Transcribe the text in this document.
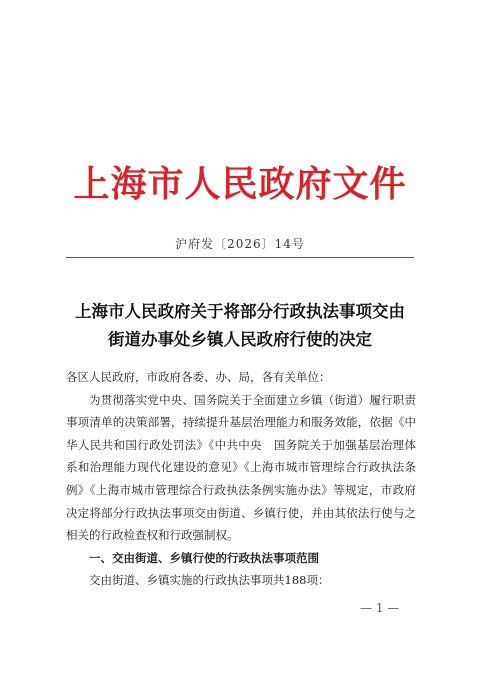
上海市人民政府文件
沪府发〔2026〕14号
上海市人民政府关于将部分行政执法事项交由
街道办事处乡镇人民政府行使的决定

各区人民政府，市政府各委、办、局，各有关单位：

为贯彻落实党中央、国务院关于全面建立乡镇（街道）履行职责事项清单的决策部署，持续提升基层治理能力和服务效能，依据《中华人民共和国行政处罚法》《中共中央　国务院关于加强基层治理体系和治理能力现代化建设的意见》《上海市城市管理综合行政执法条例》《上海市城市管理综合行政执法条例实施办法》等规定，市政府决定将部分行政执法事项交由街道、乡镇行使，并由其依法行使与之相关的行政检查权和行政强制权。

一、交由街道、乡镇行使的行政执法事项范围

交由街道、乡镇实施的行政执法事项共188项：

— 1 —
